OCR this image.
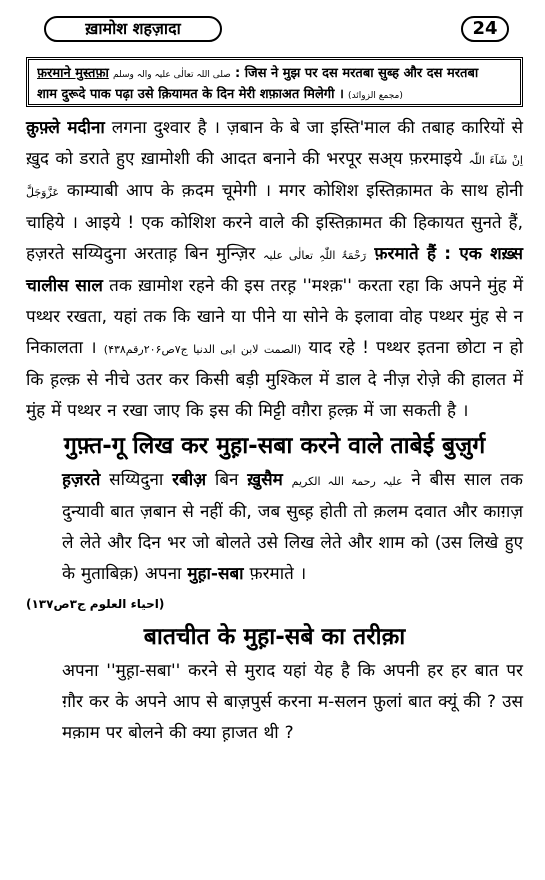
ख़ामोश शहज़ादा	24
फ़रमाने मुस्तफ़ा صلی اللہ تعالٰی علیہ والہ وسلم : जिस ने मुझ पर दस मरतबा सुब्ह और दस मरतबा
शाम दुरूदे पाक पढ़ा उसे क़ियामत के दिन मेरी शफ़ाअत मिलेगी । (مجمع الزوائد)

क़ुफ़्ले मदीना लगना दुश्वार है । ज़बान के बे जा इस्ति'माल की तबाह कारियों से ख़ुद को डराते हुए ख़ामोशी की आदत बनाने की भरपूर सअ्य फ़रमाइये اِنْ شَآءَ اللّٰہ عَزَّوَجَلَّ काम्याबी आप के क़दम चूमेगी । मगर कोशिश इस्तिक़ामत के साथ होनी चाहिये । आइये ! एक कोशिश करने वाले की इस्तिक़ामत की हिकायत सुनते हैं, हज़रते सय्यिदुना अरताह़ बिन मुन्ज़िर رَحْمَۃُ اللّٰہِ تعالٰی علیہ फ़रमाते हैं : एक शख़्स चालीस साल तक ख़ामोश रहने की इस तरह़ ''मश्क़'' करता रहा कि अपने मुंह में पथ्थर रखता, यहां तक कि खाने या पीने या सोने के इलावा वोह पथ्थर मुंह से न निकालता । (الصمت لابن ابی الدنیا ج۷ص۲۰۶رقم۴۳۸) याद रहे ! पथ्थर इतना छोटा न हो कि ह़ल्क़ से नीचे उतर कर किसी बड़ी मुश्किल में डाल दे नीज़ रोज़े की हालत में मुंह में पथ्थर न रखा जाए कि इस की मिट्टी वग़ैरा ह़ल्क़ में जा सकती है ।

गुफ़्त-गू लिख कर मुह़ा-सबा करने वाले ताबेई बुज़ुर्ग

ह़ज़रते सय्यिदुना रबीअ़ बिन ख़ुसैम علیہ رحمۃ اللہ الکریم ने बीस साल तक दुन्यावी बात ज़बान से नहीं की, जब सुब्ह़ होती तो क़लम दवात और काग़ज़ ले लेते और दिन भर जो बोलते उसे लिख लेते और शाम को (उस लिखे हुए के मुताबिक़) अपना मुह़ा-सबा फ़रमाते ।

(احیاء العلوم ج۳ص۱۳۷)

बातचीत के मुह़ा-सबे का तरीक़ा

अपना ''मुह़ा-सबा'' करने से मुराद यहां येह है कि अपनी हर हर बात पर ग़ौर कर के अपने आप से बाज़पुर्स करना म-सलन फ़ुलां बात क्यूं की ? उस मक़ाम पर बोलने की क्या ह़ाजत थी ?
